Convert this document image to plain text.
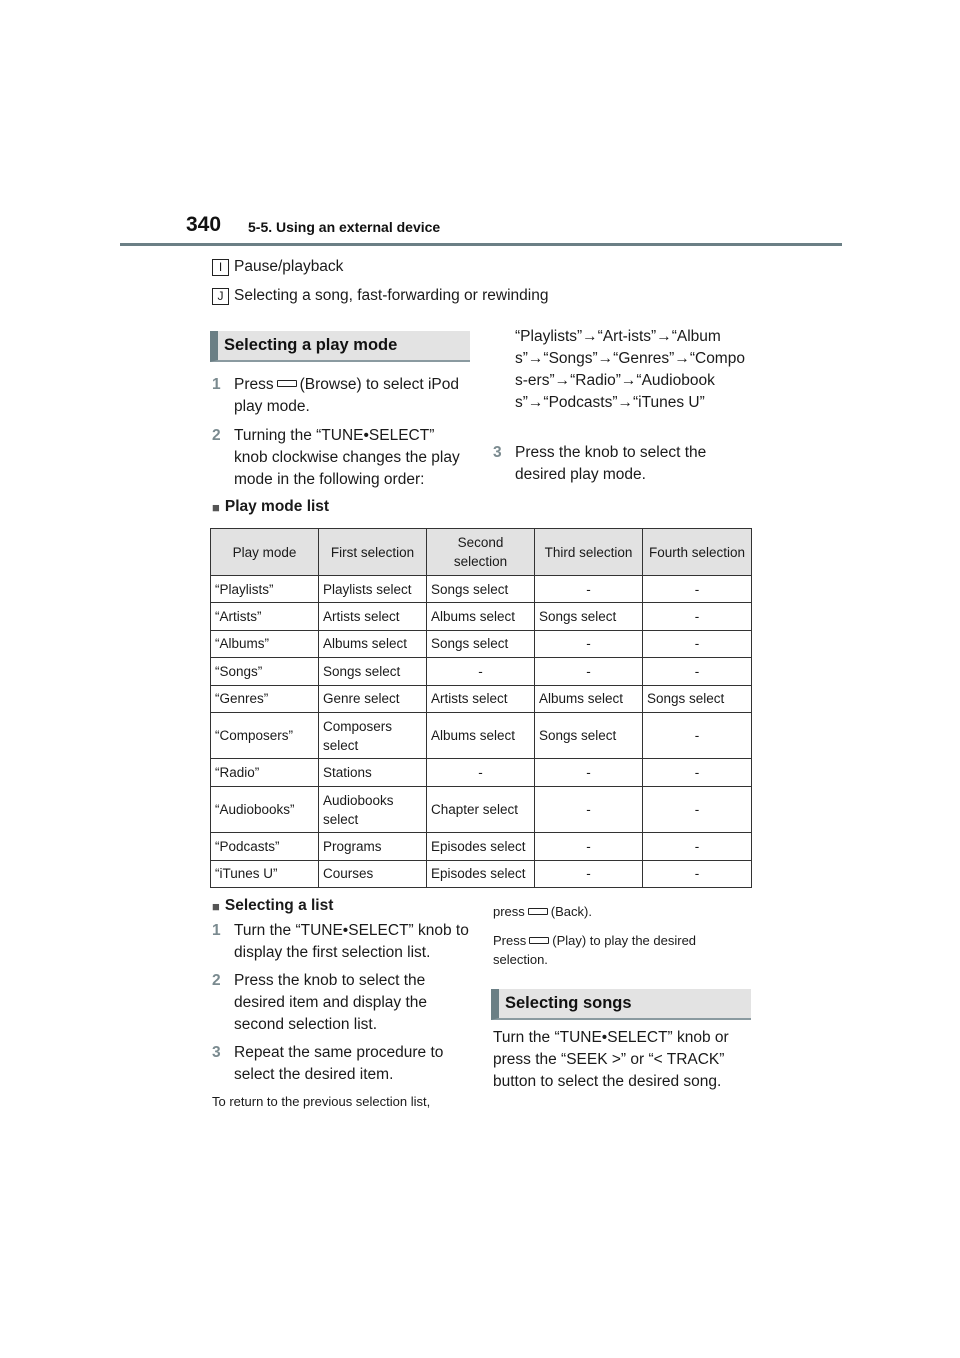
340 5-5. Using an external device
I Pause/playback
J Selecting a song, fast-forwarding or rewinding
Selecting a play mode
1 Press (Browse) to select iPod play mode.
2 Turning the “TUNE•SELECT” knob clockwise changes the play mode in the following order:
“Playlists”→“Art-ists”→“Albums”→“Songs”→“Genres”→“Compos-ers”→“Radio”→“Audiobooks”→“Podcasts”→“iTunes U”
3 Press the knob to select the desired play mode.
■ Play mode list
Play mode	First selection	Second selection	Third selection	Fourth selection
“Playlists”	Playlists select	Songs select	-	-
“Artists”	Artists select	Albums select	Songs select	-
“Albums”	Albums select	Songs select	-	-
“Songs”	Songs select	-	-	-
“Genres”	Genre select	Artists select	Albums select	Songs select
“Composers”	Composers select	Albums select	Songs select	-
“Radio”	Stations	-	-	-
“Audiobooks”	Audiobooks select	Chapter select	-	-
“Podcasts”	Programs	Episodes select	-	-
“iTunes U”	Courses	Episodes select	-	-
■ Selecting a list
1 Turn the “TUNE•SELECT” knob to display the first selection list.
2 Press the knob to select the desired item and display the second selection list.
3 Repeat the same procedure to select the desired item.
To return to the previous selection list,
press (Back).
Press (Play) to play the desired selection.
Selecting songs
Turn the “TUNE•SELECT” knob or press the “SEEK >” or “< TRACK” button to select the desired song.
